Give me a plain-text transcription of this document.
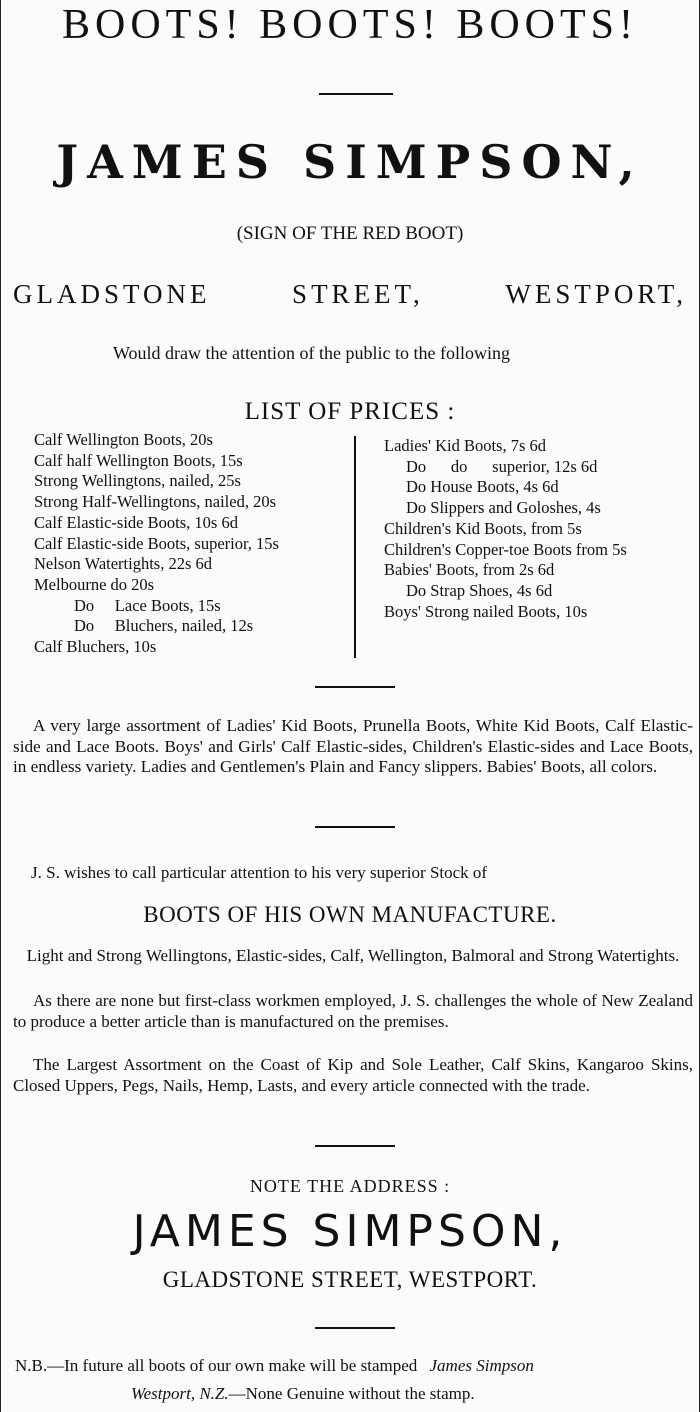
BOOTS! BOOTS! BOOTS!
JAMES SIMPSON,
(SIGN OF THE RED BOOT)
GLADSTONE	STREET,	WESTPORT,
Would draw the attention of the public to the following
LIST OF PRICES :
Calf Wellington Boots, 20s
Calf half Wellington Boots, 15s
Strong Wellingtons, nailed, 25s
Strong Half-Wellingtons, nailed, 20s
Calf Elastic-side Boots, 10s 6d
Calf Elastic-side Boots, superior, 15s
Nelson Watertights, 22s 6d
Melbourne do 20s
Do     Lace Boots, 15s
Do     Bluchers, nailed, 12s
Calf Bluchers, 10s
Ladies' Kid Boots, 7s 6d
Do      do      superior, 12s 6d
Do House Boots, 4s 6d
Do Slippers and Goloshes, 4s
Children's Kid Boots, from 5s
Children's Copper-toe Boots from 5s
Babies' Boots, from 2s 6d
Do Strap Shoes, 4s 6d
Boys' Strong nailed Boots, 10s

A very large assortment of Ladies' Kid Boots, Prunella Boots, White Kid Boots, Calf Elastic-side and Lace Boots. Boys' and Girls' Calf Elastic-sides, Children's Elastic-sides and Lace Boots, in endless variety. Ladies and Gentlemen's Plain and Fancy slippers. Babies' Boots, all colors.

J. S. wishes to call particular attention to his very superior Stock of
BOOTS OF HIS OWN MANUFACTURE.

Light and Strong Wellingtons, Elastic-sides, Calf, Wellington, Balmoral and Strong Watertights.

As there are none but first-class workmen employed, J. S. challenges the whole of New Zealand to produce a better article than is manufactured on the premises.

The Largest Assortment on the Coast of Kip and Sole Leather, Calf Skins, Kangaroo Skins, Closed Uppers, Pegs, Nails, Hemp, Lasts, and every article connected with the trade.

NOTE THE ADDRESS :
JAMES SIMPSON,
GLADSTONE STREET, WESTPORT.
N.B.—In future all boots of our own make will be stamped James Simpson
Westport, N.Z.—None Genuine without the stamp.
